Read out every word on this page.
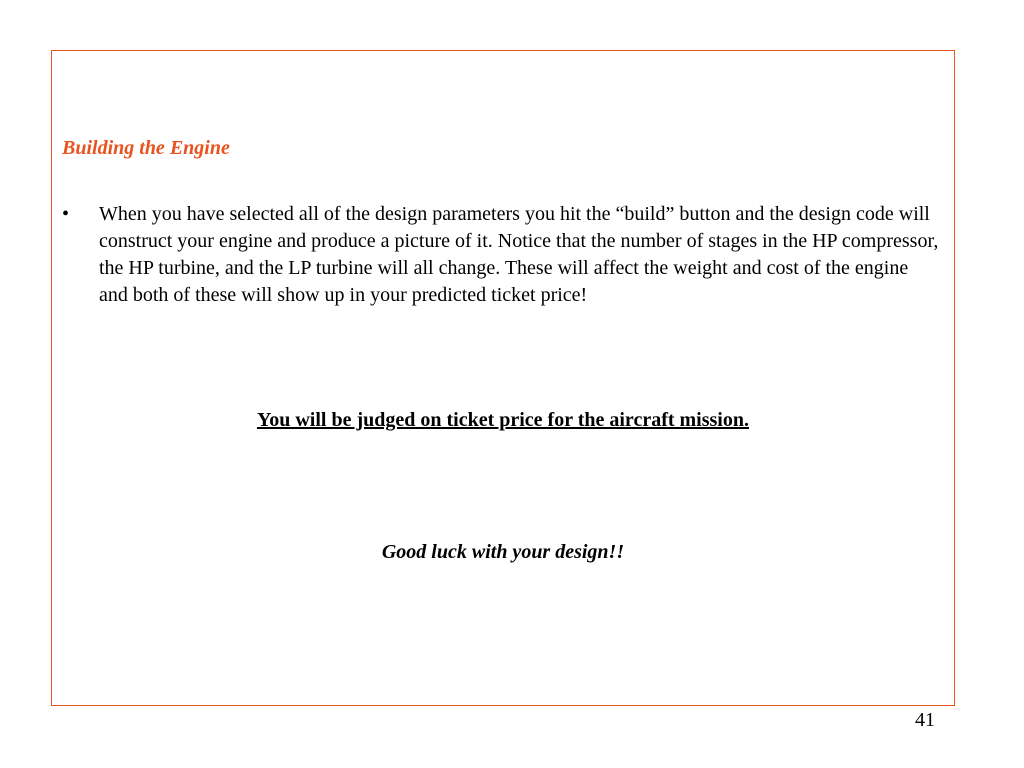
Building the Engine
• When you have selected all of the design parameters you hit the “build” button and the design code will construct your engine and produce a picture of it. Notice that the number of stages in the HP compressor, the HP turbine, and the LP turbine will all change. These will affect the weight and cost of the engine and both of these will show up in your predicted ticket price!

You will be judged on ticket price for the aircraft mission.

Good luck with your design!!

41
